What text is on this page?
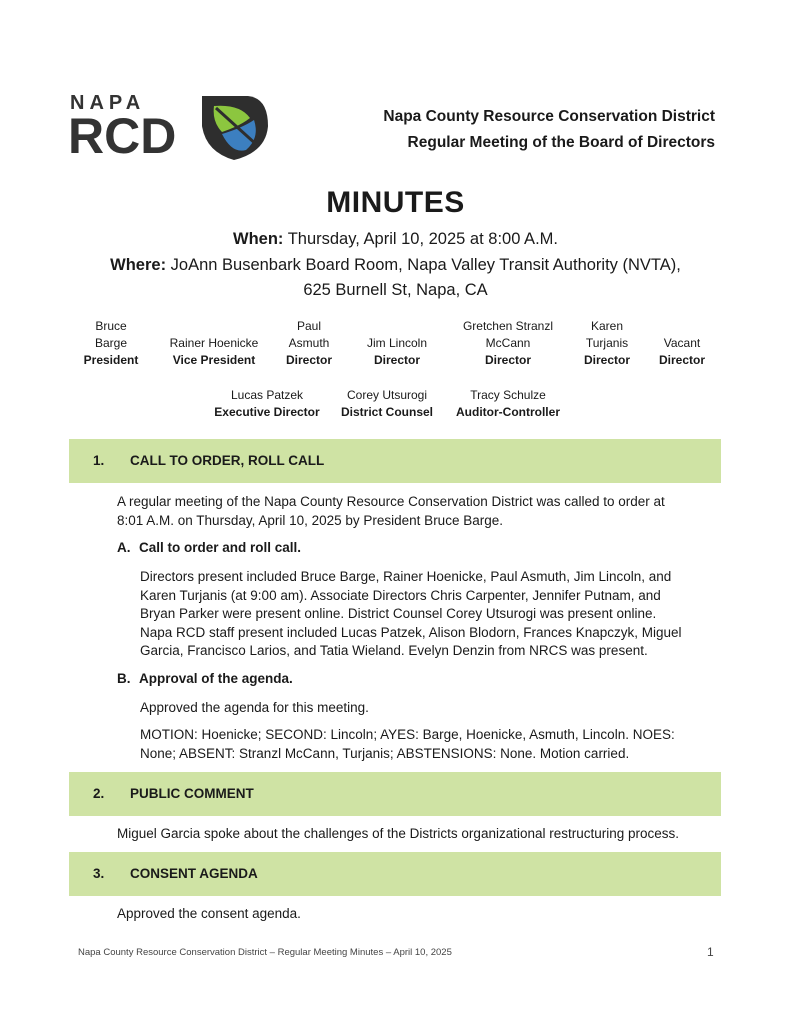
NAPA
RCD	Napa County Resource Conservation District
Regular Meeting of the Board of Directors
MINUTES
When: Thursday, April 10, 2025 at 8:00 A.M.
Where: JoAnn Busenbark Board Room, Napa Valley Transit Authority (NVTA),
625 Burnell St, Napa, CA
Bruce
Barge
President
Rainer Hoenicke
Vice President
Paul
Asmuth
Director
Jim Lincoln
Director
Gretchen Stranzl
McCann
Director
Karen
Turjanis
Director
Vacant
Director
Lucas Patzek
Executive Director
Corey Utsurogi
District Counsel
Tracy Schulze
Auditor-Controller
1. CALL TO ORDER, ROLL CALL
A regular meeting of the Napa County Resource Conservation District was called to order at
8:01 A.M. on Thursday, April 10, 2025 by President Bruce Barge.
A. Call to order and roll call.
Directors present included Bruce Barge, Rainer Hoenicke, Paul Asmuth, Jim Lincoln, and
Karen Turjanis (at 9:00 am). Associate Directors Chris Carpenter, Jennifer Putnam, and
Bryan Parker were present online. District Counsel Corey Utsurogi was present online.
Napa RCD staff present included Lucas Patzek, Alison Blodorn, Frances Knapczyk, Miguel
Garcia, Francisco Larios, and Tatia Wieland. Evelyn Denzin from NRCS was present.
B. Approval of the agenda.
Approved the agenda for this meeting.
MOTION: Hoenicke; SECOND: Lincoln; AYES: Barge, Hoenicke, Asmuth, Lincoln. NOES:
None; ABSENT: Stranzl McCann, Turjanis; ABSTENSIONS: None. Motion carried.
2. PUBLIC COMMENT
Miguel Garcia spoke about the challenges of the Districts organizational restructuring process.
3. CONSENT AGENDA
Approved the consent agenda.
Napa County Resource Conservation District – Regular Meeting Minutes – April 10, 2025	1
